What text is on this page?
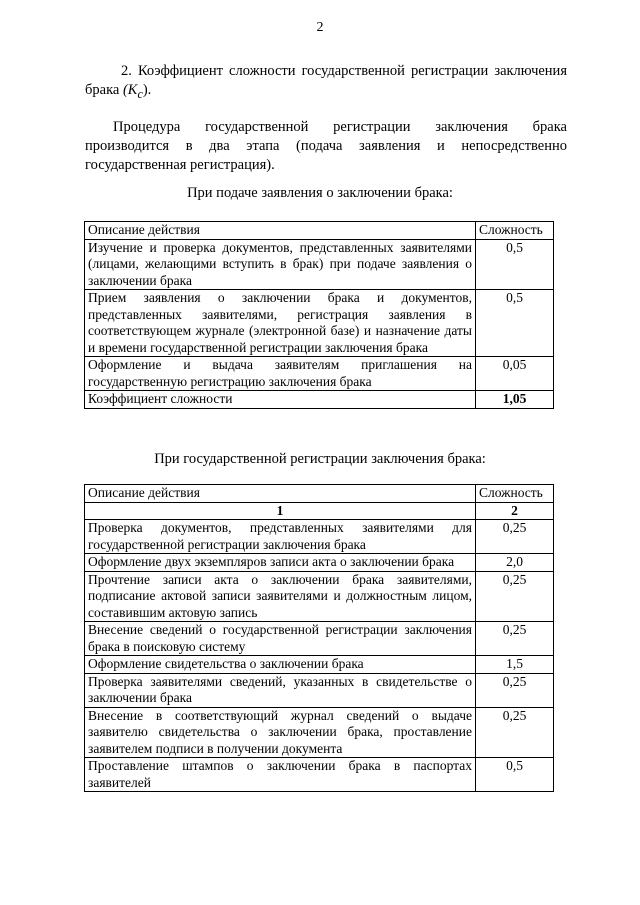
2
2. Коэффициент сложности государственной регистрации заключения брака $(K_с)$.
Процедура государственной регистрации заключения брака производится в два этапа (подача заявления и непосредственно государственная регистрация).
При подаче заявления о заключении брака:
Описание действия	Сложность
Изучение и проверка документов, представленных заявителями (лицами, желающими вступить в брак) при подаче заявления о заключении брака	0,5
Прием заявления о заключении брака и документов, представленных заявителями, регистрация заявления в соответствующем журнале (электронной базе) и назначение даты и времени государственной регистрации заключения брака	0,5
Оформление и выдача заявителям приглашения на государственную регистрацию заключения брака	0,05
Коэффициент сложности	1,05
При государственной регистрации заключения брака:
Описание действия	Сложность
1	2
Проверка документов, представленных заявителями для государственной регистрации заключения брака	0,25
Оформление двух экземпляров записи акта о заключении брака	2,0
Прочтение записи акта о заключении брака заявителями, подписание актовой записи заявителями и должностным лицом, составившим актовую запись	0,25
Внесение сведений о государственной регистрации заключения брака в поисковую систему	0,25
Оформление свидетельства о заключении брака	1,5
Проверка заявителями сведений, указанных в свидетельстве о заключении брака	0,25
Внесение в соответствующий журнал сведений о выдаче заявителю свидетельства о заключении брака, проставление заявителем подписи в получении документа	0,25
Проставление штампов о заключении брака в паспортах заявителей	0,5
